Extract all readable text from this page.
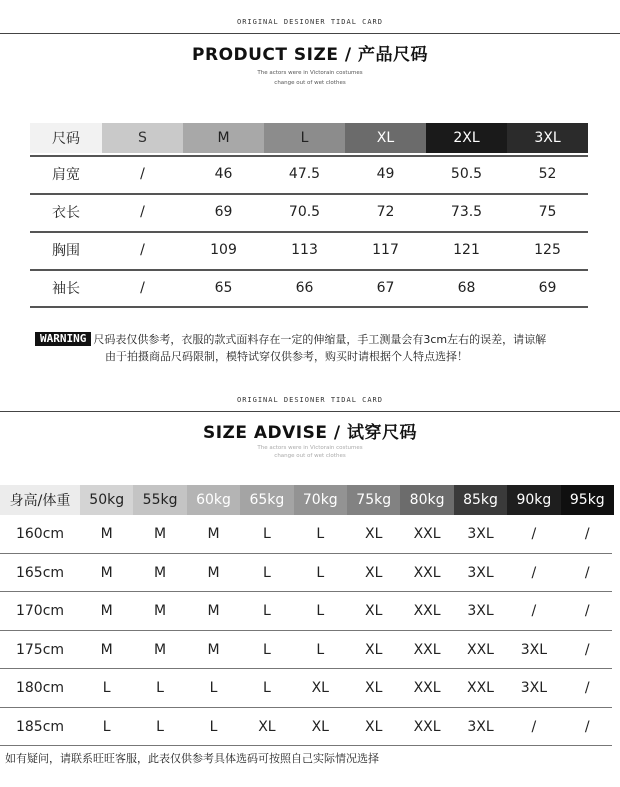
ORIGINAL DESIONER TIDAL CARD
PRODUCT SIZE / 产品尺码
The actors were in Victorain costumes
change out of wet clothes
尺码	S	M	L	XL	2XL	3XL
肩宽	/	46	47.5	49	50.5	52
衣长	/	69	70.5	72	73.5	75
胸围	/	109	113	117	121	125
袖长	/	65	66	67	68	69
WARNING 尺码表仅供参考，衣服的款式面料存在一定的伸缩量，手工测量会有3cm左右的误差，请谅解
由于拍摄商品尺码限制，模特试穿仅供参考，购买时请根据个人特点选择！
ORIGINAL DESIONER TIDAL CARD
SIZE ADVISE / 试穿尺码
The actors were in Victorain costumes
change out of wet clothes
身高/体重	50kg	55kg	60kg	65kg	70kg	75kg	80kg	85kg	90kg	95kg
160cm	M	M	M	L	L	XL	XXL	3XL	/	/
165cm	M	M	M	L	L	XL	XXL	3XL	/	/
170cm	M	M	M	L	L	XL	XXL	3XL	/	/
175cm	M	M	M	L	L	XL	XXL	XXL	3XL	/
180cm	L	L	L	L	XL	XL	XXL	XXL	3XL	/
185cm	L	L	L	XL	XL	XL	XXL	3XL	/	/
如有疑问，请联系旺旺客服，此表仅供参考具体选码可按照自己实际情况选择
